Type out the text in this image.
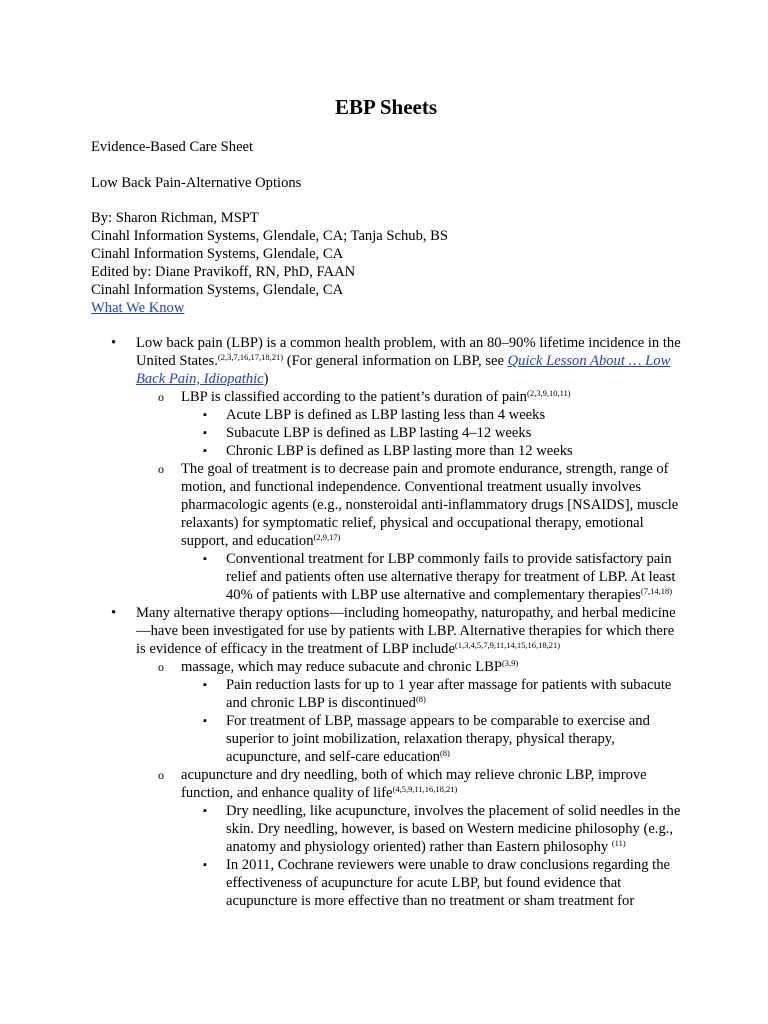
EBP Sheets

Evidence-Based Care Sheet

Low Back Pain-Alternative Options

By: Sharon Richman, MSPT
Cinahl Information Systems, Glendale, CA; Tanja Schub, BS
Cinahl Information Systems, Glendale, CA
Edited by: Diane Pravikoff, RN, PhD, FAAN
Cinahl Information Systems, Glendale, CA
What We Know
• Low back pain (LBP) is a common health problem, with an 80–90% lifetime incidence in the United States.$^{(2,3,7,16,17,18,21)}$ (For general information on LBP, see Quick Lesson About … Low Back Pain, Idiopathic)
o LBP is classified according to the patient’s duration of pain$^{(2,3,9,10,11)}$
▪ Acute LBP is defined as LBP lasting less than 4 weeks
▪ Subacute LBP is defined as LBP lasting 4–12 weeks
▪ Chronic LBP is defined as LBP lasting more than 12 weeks
o The goal of treatment is to decrease pain and promote endurance, strength, range of motion, and functional independence. Conventional treatment usually involves pharmacologic agents (e.g., nonsteroidal anti-inflammatory drugs [NSAIDS], muscle relaxants) for symptomatic relief, physical and occupational therapy, emotional support, and education$^{(2,9,17)}$
▪ Conventional treatment for LBP commonly fails to provide satisfactory pain relief and patients often use alternative therapy for treatment of LBP. At least 40% of patients with LBP use alternative and complementary therapies$^{(7,14,18)}$
• Many alternative therapy options—including homeopathy, naturopathy, and herbal medicine—have been investigated for use by patients with LBP. Alternative therapies for which there is evidence of efficacy in the treatment of LBP include$^{(1,3,4,5,7,9,11,14,15,16,18,21)}$
o massage, which may reduce subacute and chronic LBP$^{(3,9)}$
▪ Pain reduction lasts for up to 1 year after massage for patients with subacute and chronic LBP is discontinued$^{(8)}$
▪ For treatment of LBP, massage appears to be comparable to exercise and superior to joint mobilization, relaxation therapy, physical therapy, acupuncture, and self-care education$^{(8)}$
o acupuncture and dry needling, both of which may relieve chronic LBP, improve function, and enhance quality of life$^{(4,5,9,11,16,18,21)}$
▪ Dry needling, like acupuncture, involves the placement of solid needles in the skin. Dry needling, however, is based on Western medicine philosophy (e.g., anatomy and physiology oriented) rather than Eastern philosophy $^{(11)}$
▪ In 2011, Cochrane reviewers were unable to draw conclusions regarding the effectiveness of acupuncture for acute LBP, but found evidence that acupuncture is more effective than no treatment or sham treatment for
